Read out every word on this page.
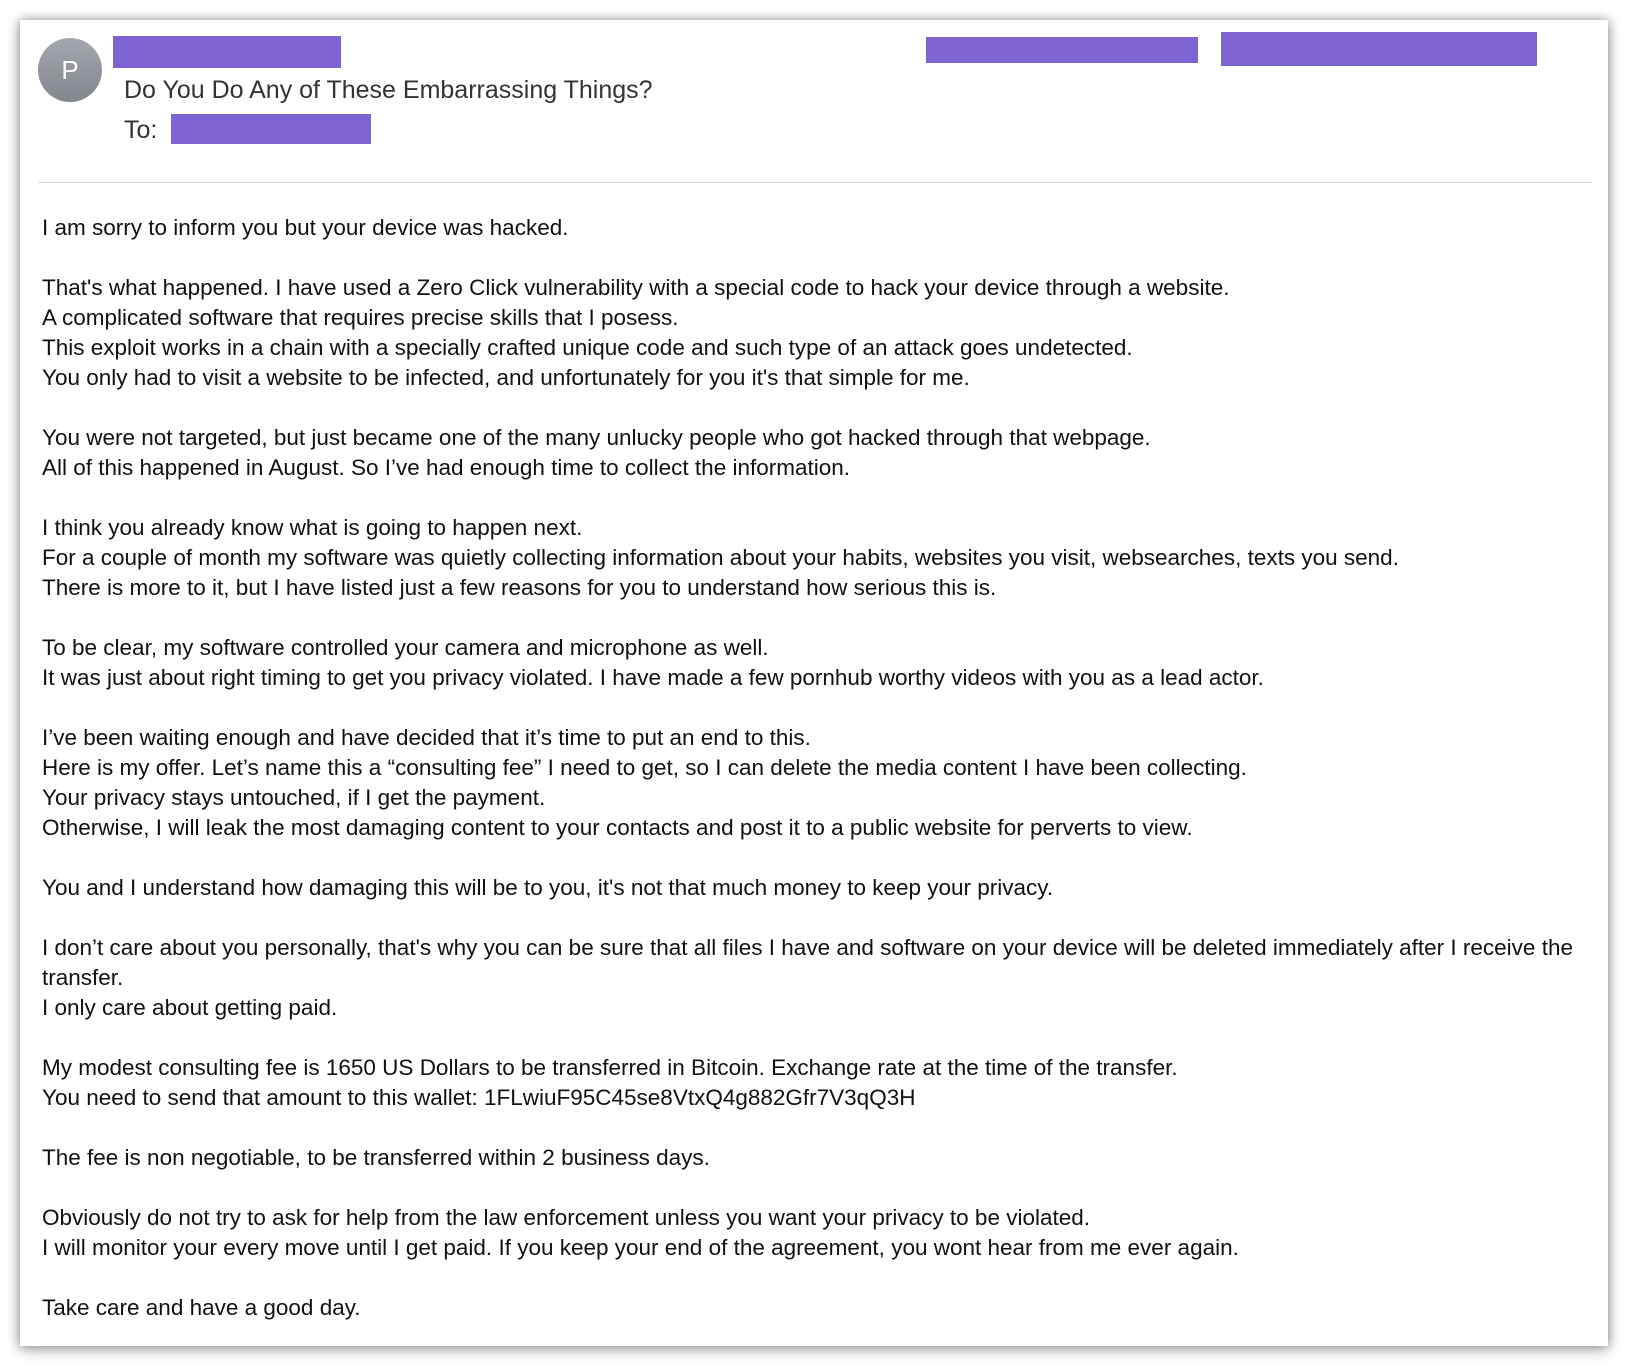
P
Do You Do Any of These Embarrassing Things?
To:
I am sorry to inform you but your device was hacked.
That's what happened. I have used a Zero Click vulnerability with a special code to hack your device through a website.
A complicated software that requires precise skills that I posess.
This exploit works in a chain with a specially crafted unique code and such type of an attack goes undetected.
You only had to visit a website to be infected, and unfortunately for you it's that simple for me.
You were not targeted, but just became one of the many unlucky people who got hacked through that webpage.
All of this happened in August. So I’ve had enough time to collect the information.
I think you already know what is going to happen next.
For a couple of month my software was quietly collecting information about your habits, websites you visit, websearches, texts you send.
There is more to it, but I have listed just a few reasons for you to understand how serious this is.
To be clear, my software controlled your camera and microphone as well.
It was just about right timing to get you privacy violated. I have made a few pornhub worthy videos with you as a lead actor.
I’ve been waiting enough and have decided that it’s time to put an end to this.
Here is my offer. Let’s name this a “consulting fee” I need to get, so I can delete the media content I have been collecting.
Your privacy stays untouched, if I get the payment.
Otherwise, I will leak the most damaging content to your contacts and post it to a public website for perverts to view.
You and I understand how damaging this will be to you, it's not that much money to keep your privacy.
I don’t care about you personally, that's why you can be sure that all files I have and software on your device will be deleted immediately after I receive the transfer.
I only care about getting paid.
My modest consulting fee is 1650 US Dollars to be transferred in Bitcoin. Exchange rate at the time of the transfer.
You need to send that amount to this wallet: 1FLwiuF95C45se8VtxQ4g882Gfr7V3qQ3H
The fee is non negotiable, to be transferred within 2 business days.
Obviously do not try to ask for help from the law enforcement unless you want your privacy to be violated.
I will monitor your every move until I get paid. If you keep your end of the agreement, you wont hear from me ever again.
Take care and have a good day.
